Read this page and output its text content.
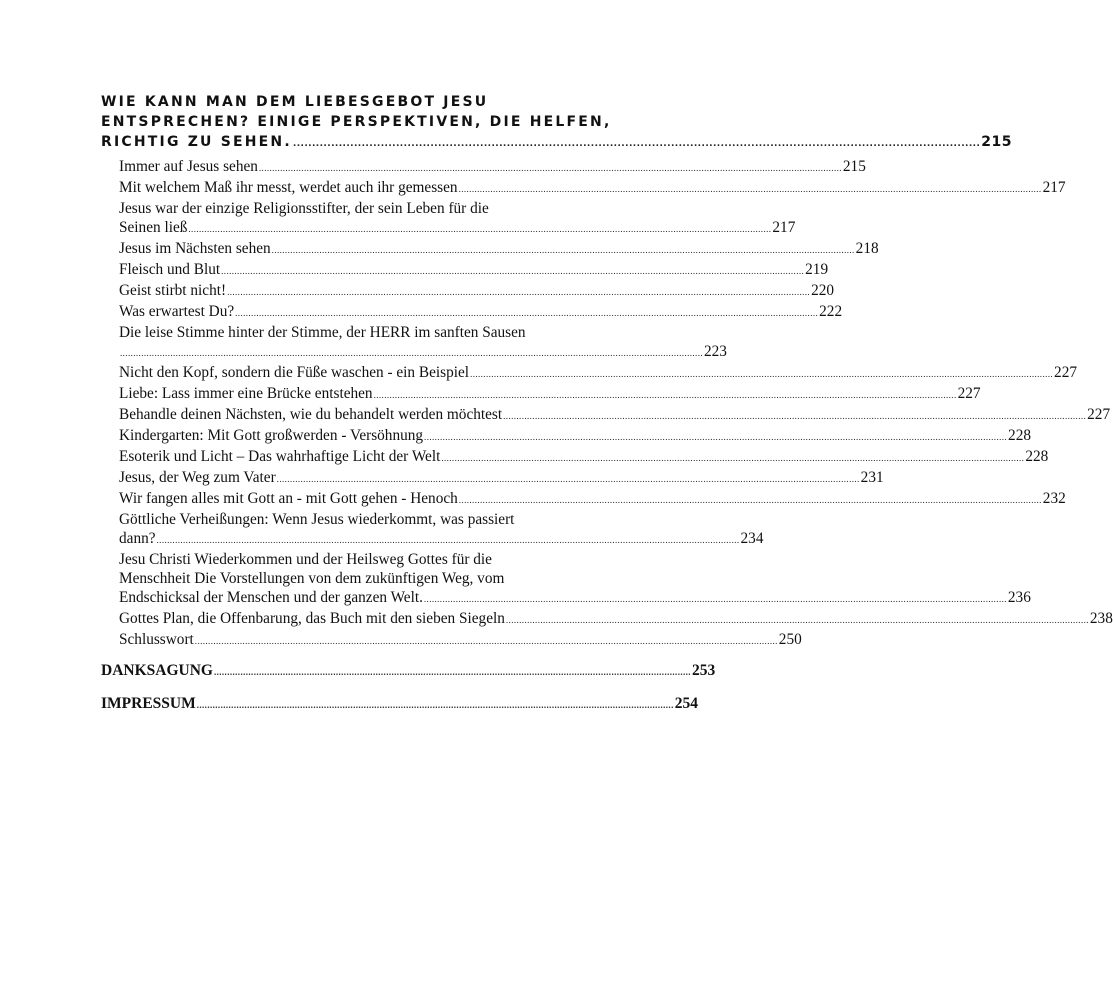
WIE KANN MAN DEM LIEBESGEBOT JESU
ENTSPRECHEN? EINIGE PERSPEKTIVEN, DIE HELFEN,
RICHTIG ZU SEHEN. .................................................................................................................................................................................... 215
Immer auf Jesus sehen ............................................................................................................................................................................................................................ 215
Mit welchem Maß ihr messt, werdet auch ihr gemessen ............................................................................................................................................................................................................................ 217
Jesus war der einzige Religionsstifter, der sein Leben für die
Seinen ließ ............................................................................................................................................................................................................................ 217
Jesus im Nächsten sehen ............................................................................................................................................................................................................................ 218
Fleisch und Blut ............................................................................................................................................................................................................................ 219
Geist stirbt nicht! ............................................................................................................................................................................................................................ 220
Was erwartest Du? ............................................................................................................................................................................................................................ 222
Die leise Stimme hinter der Stimme, der HERR im sanften Sausen
............................................................................................................................................................................................................................ 223
Nicht den Kopf, sondern die Füße waschen - ein Beispiel ............................................................................................................................................................................................................................ 227
Liebe: Lass immer eine Brücke entstehen ............................................................................................................................................................................................................................ 227
Behandle deinen Nächsten, wie du behandelt werden möchtest ............................................................................................................................................................................................................................ 227
Kindergarten: Mit Gott großwerden - Versöhnung ............................................................................................................................................................................................................................ 228
Esoterik und Licht – Das wahrhaftige Licht der Welt ............................................................................................................................................................................................................................ 228
Jesus, der Weg zum Vater ............................................................................................................................................................................................................................ 231
Wir fangen alles mit Gott an - mit Gott gehen - Henoch ............................................................................................................................................................................................................................ 232
Göttliche Verheißungen: Wenn Jesus wiederkommt, was passiert
dann? ............................................................................................................................................................................................................................ 234
Jesu Christi Wiederkommen und der Heilsweg Gottes für die
Menschheit Die Vorstellungen von dem zukünftigen Weg, vom
Endschicksal der Menschen und der ganzen Welt. ............................................................................................................................................................................................................................ 236
Gottes Plan, die Offenbarung, das Buch mit den sieben Siegeln ............................................................................................................................................................................................................................ 238
Schlusswort ............................................................................................................................................................................................................................ 250
DANKSAGUNG .................................................................................................................................................................................... 253
IMPRESSUM .................................................................................................................................................................................... 254
